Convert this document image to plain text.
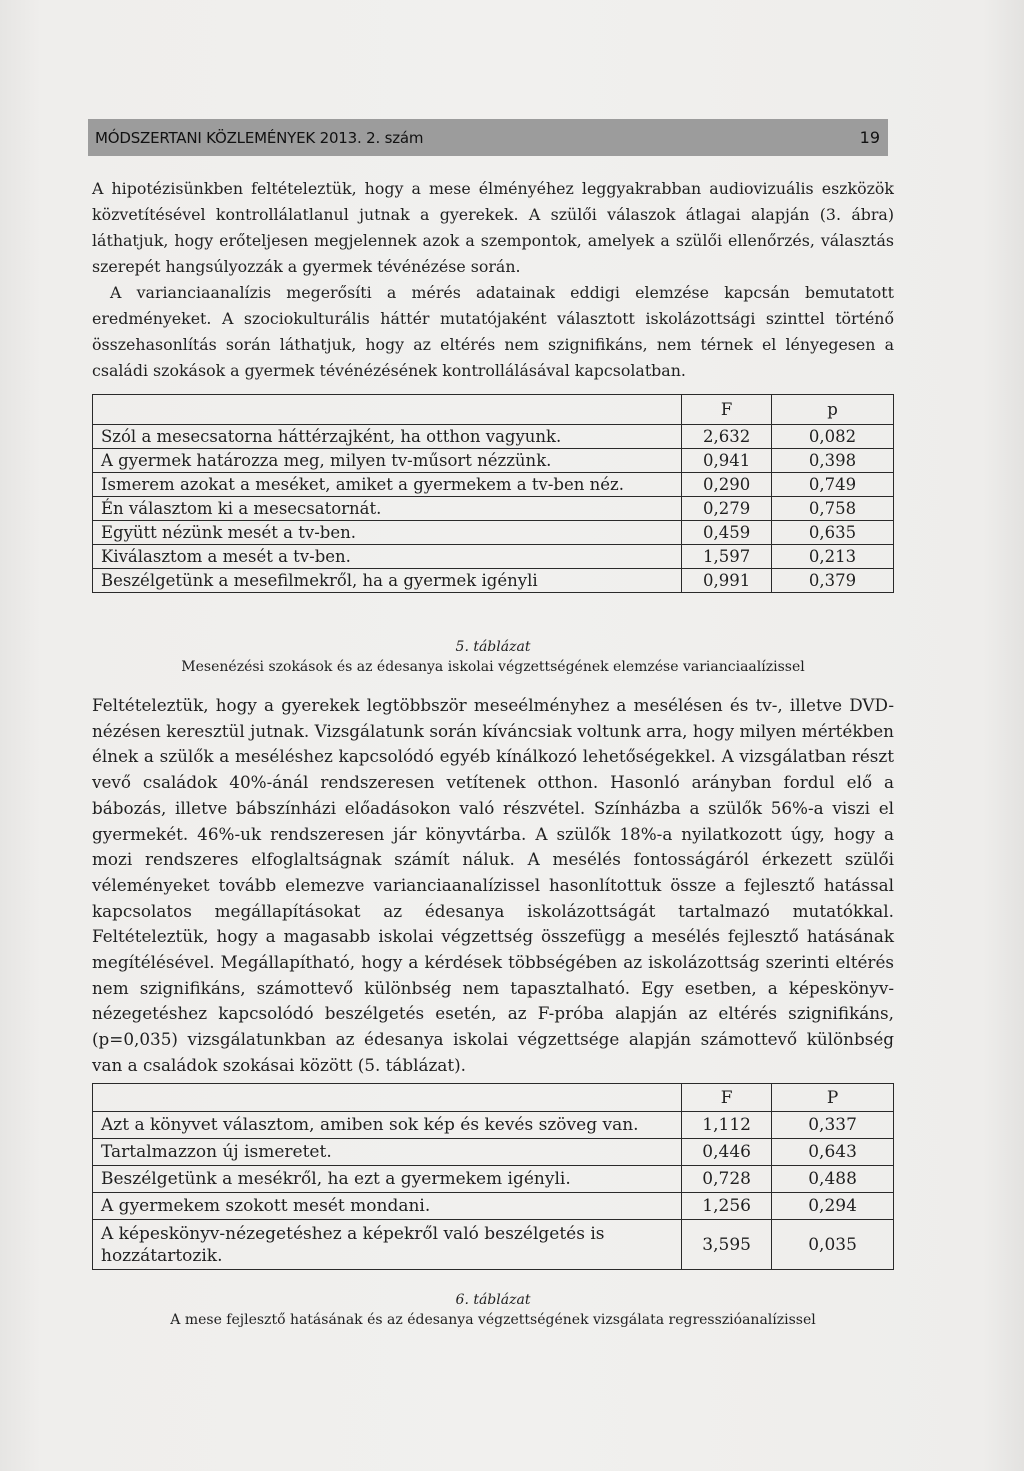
MÓDSZERTANI KÖZLEMÉNYEK 2013. 2. szám	19

A hipotézisünkben feltételeztük, hogy a mese élményéhez leggyakrabban audiovizuális eszközök közvetítésével kontrollálatlanul jutnak a gyerekek. A szülői válaszok átlagai alapján (3. ábra) láthatjuk, hogy erőteljesen megjelennek azok a szempontok, amelyek a szülői ellenőrzés, választás szerepét hangsúlyozzák a gyermek tévénézése során.

A varianciaanalízis megerősíti a mérés adatainak eddigi elemzése kapcsán bemutatott eredményeket. A szociokulturális háttér mutatójaként választott iskolázottsági szinttel történő összehasonlítás során láthatjuk, hogy az eltérés nem szignifikáns, nem térnek el lényegesen a családi szokások a gyermek tévénézésének kontrollálásával kapcsolatban.

	F	p
Szól a mesecsatorna háttérzajként, ha otthon vagyunk.	2,632	0,082
A gyermek határozza meg, milyen tv-műsort nézzünk.	0,941	0,398
Ismerem azokat a meséket, amiket a gyermekem a tv-ben néz.	0,290	0,749
Én választom ki a mesecsatornát.	0,279	0,758
Együtt nézünk mesét a tv-ben.	0,459	0,635
Kiválasztom a mesét a tv-ben.	1,597	0,213
Beszélgetünk a mesefilmekről, ha a gyermek igényli	0,991	0,379
5. táblázat
Mesenézési szokások és az édesanya iskolai végzettségének elemzése varianciaalízissel

Feltételeztük, hogy a gyerekek legtöbbször meseélményhez a mesélésen és tv-, illetve DVD-nézésen keresztül jutnak. Vizsgálatunk során kíváncsiak voltunk arra, hogy milyen mértékben élnek a szülők a meséléshez kapcsolódó egyéb kínálkozó lehetőségekkel. A vizsgálatban részt vevő családok 40%-ánál rendszeresen vetítenek otthon. Hasonló arányban fordul elő a bábozás, illetve bábszínházi előadásokon való részvétel. Színházba a szülők 56%-a viszi el gyermekét. 46%-uk rendszeresen jár könyvtárba. A szülők 18%-a nyilatkozott úgy, hogy a mozi rendszeres elfoglaltságnak számít náluk. A mesélés fontosságáról érkezett szülői véleményeket tovább elemezve varianciaanalízissel hasonlítottuk össze a fejlesztő hatással kapcsolatos megállapításokat az édesanya iskolázottságát tartalmazó mutatókkal. Feltételeztük, hogy a magasabb iskolai végzettség összefügg a mesélés fejlesztő hatásának megítélésével. Megállapítható, hogy a kérdések többségében az iskolázottság szerinti eltérés nem szignifikáns, számottevő különbség nem tapasztalható. Egy esetben, a képeskönyv-nézegetéshez kapcsolódó beszélgetés esetén, az F-próba alapján az eltérés szignifikáns, (p=0,035) vizsgálatunkban az édesanya iskolai végzettsége alapján számottevő különbség van a családok szokásai között (5. táblázat).

	F	P
Azt a könyvet választom, amiben sok kép és kevés szöveg van.	1,112	0,337
Tartalmazzon új ismeretet.	0,446	0,643
Beszélgetünk a mesékről, ha ezt a gyermekem igényli.	0,728	0,488
A gyermekem szokott mesét mondani.	1,256	0,294
A képeskönyv-nézegetéshez a képekről való beszélgetés is hozzátartozik.	3,595	0,035
6. táblázat
A mese fejlesztő hatásának és az édesanya végzettségének vizsgálata regresszióanalízissel
